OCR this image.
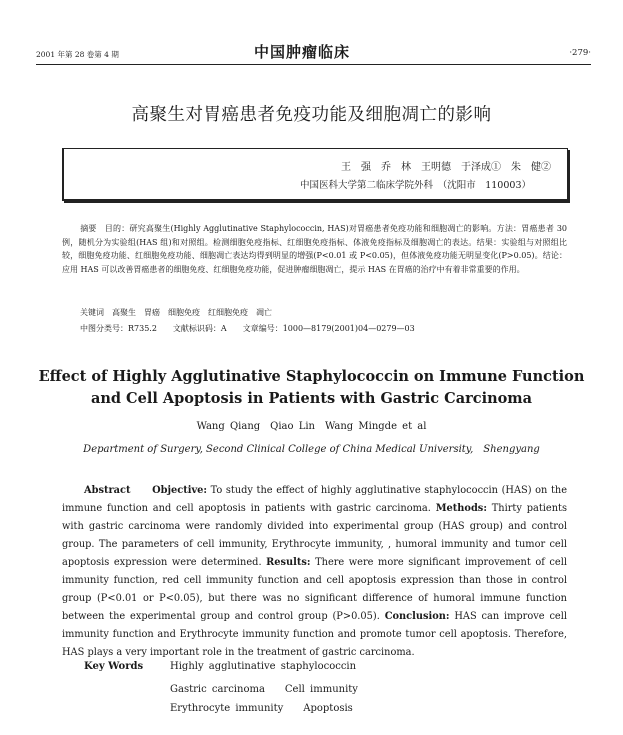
2001 年第 28 卷第 4 期	中国肿瘤临床	·279·
高聚生对胃癌患者免疫功能及细胞凋亡的影响
王　强　乔　林　王明德　于泽成①　朱　健②
中国医科大学第二临床学院外科　（沈阳市　110003）
摘要　目的：研究高聚生(Highly Agglutinative Staphylococcin, HAS)对胃癌患者免疫功能和细胞凋亡的影响。方法：胃癌患者 30 例，随机分为实验组(HAS 组)和对照组。检测细胞免疫指标、红细胞免疫指标、体液免疫指标及细胞凋亡的表达。结果：实验组与对照组比较，细胞免疫功能、红细胞免疫功能、细胞凋亡表达均得到明显的增强(P<0.01 或 P<0.05)，但体液免疫功能无明显变化(P>0.05)。结论：应用 HAS 可以改善胃癌患者的细胞免疫、红细胞免疫功能，促进肿瘤细胞凋亡，提示 HAS 在胃癌的治疗中有着非常重要的作用。
关键词　高聚生　胃癌　细胞免疫　红细胞免疫　凋亡
中图分类号：R735.2　　文献标识码：A　　文章编号：1000—8179(2001)04—0279—03
Effect of Highly Agglutinative Staphylococcin on Immune Function
and Cell Apoptosis in Patients with Gastric Carcinoma
Wang Qiang　Qiao Lin　Wang Mingde et al
Department of Surgery, Second Clinical College of China Medical University,　Shengyang
Abstract Objective: To study the effect of highly agglutinative staphylococcin (HAS) on the immune function and cell apoptosis in patients with gastric carcinoma. Methods: Thirty patients with gastric carcinoma were randomly divided into experimental group (HAS group) and control group. The parameters of cell immunity, Erythrocyte immunity, , humoral immunity and tumor cell apoptosis expression were determined. Results: There were more significant improvement of cell immunity function, red cell immunity function and cell apoptosis expression than those in control group (P<0.01 or P<0.05), but there was no significant difference of humoral immune function between the experimental group and control group (P>0.05). Conclusion: HAS can improve cell immunity function and Erythrocyte immunity function and promote tumor cell apoptosis. Therefore, HAS plays a very important role in the treatment of gastric carcinoma.
Key Words	Highly agglutinative staphylococcin
Gastric carcinoma　　Cell immunity
Erythrocyte immunity　　Apoptosis
